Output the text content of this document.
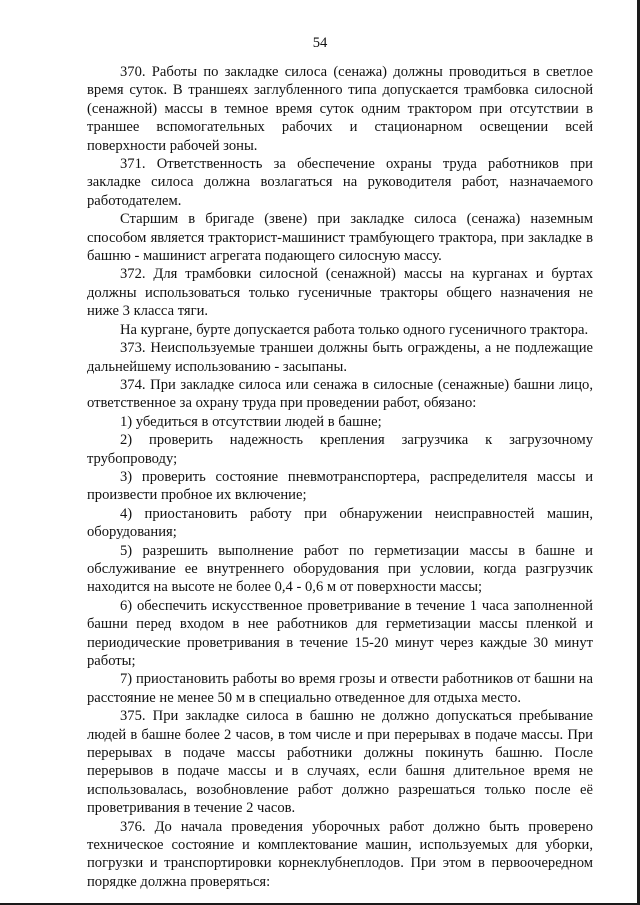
54

370. Работы по закладке силоса (сенажа) должны проводиться в светлое время суток. В траншеях заглубленного типа допускается трамбовка силосной (сенажной) массы в темное время суток одним трактором при отсутствии в траншее вспомогательных рабочих и стационарном освещении всей поверхности рабочей зоны.

371. Ответственность за обеспечение охраны труда работников при закладке силоса должна возлагаться на руководителя работ, назначаемого работодателем.

Старшим в бригаде (звене) при закладке силоса (сенажа) наземным способом является тракторист-машинист трамбующего трактора, при закладке в башню - машинист агрегата подающего силосную массу.

372. Для трамбовки силосной (сенажной) массы на курганах и буртах должны использоваться только гусеничные тракторы общего назначения не ниже 3 класса тяги.

На кургане, бурте допускается работа только одного гусеничного трактора.

373. Неиспользуемые траншеи должны быть ограждены, а не подлежащие дальнейшему использованию - засыпаны.

374. При закладке силоса или сенажа в силосные (сенажные) башни лицо, ответственное за охрану труда при проведении работ, обязано:

1) убедиться в отсутствии людей в башне;

2) проверить надежность крепления загрузчика к загрузочному трубопроводу;

3) проверить состояние пневмотранспортера, распределителя массы и произвести пробное их включение;

4) приостановить работу при обнаружении неисправностей машин, оборудования;

5) разрешить выполнение работ по герметизации массы в башне и обслуживание ее внутреннего оборудования при условии, когда разгрузчик находится на высоте не более 0,4 - 0,6 м от поверхности массы;

6) обеспечить искусственное проветривание в течение 1 часа заполненной башни перед входом в нее работников для герметизации массы пленкой и периодические проветривания в течение 15-20 минут через каждые 30 минут работы;

7) приостановить работы во время грозы и отвести работников от башни на расстояние не менее 50 м в специально отведенное для отдыха место.

375. При закладке силоса в башню не должно допускаться пребывание людей в башне более 2 часов, в том числе и при перерывах в подаче массы. При перерывах в подаче массы работники должны покинуть башню. После перерывов в подаче массы и в случаях, если башня длительное время не использовалась, возобновление работ должно разрешаться только после её проветривания в течение 2 часов.

376. До начала проведения уборочных работ должно быть проверено техническое состояние и комплектование машин, используемых для уборки, погрузки и транспортировки корнеклубнеплодов. При этом в первоочередном порядке должна проверяться:
